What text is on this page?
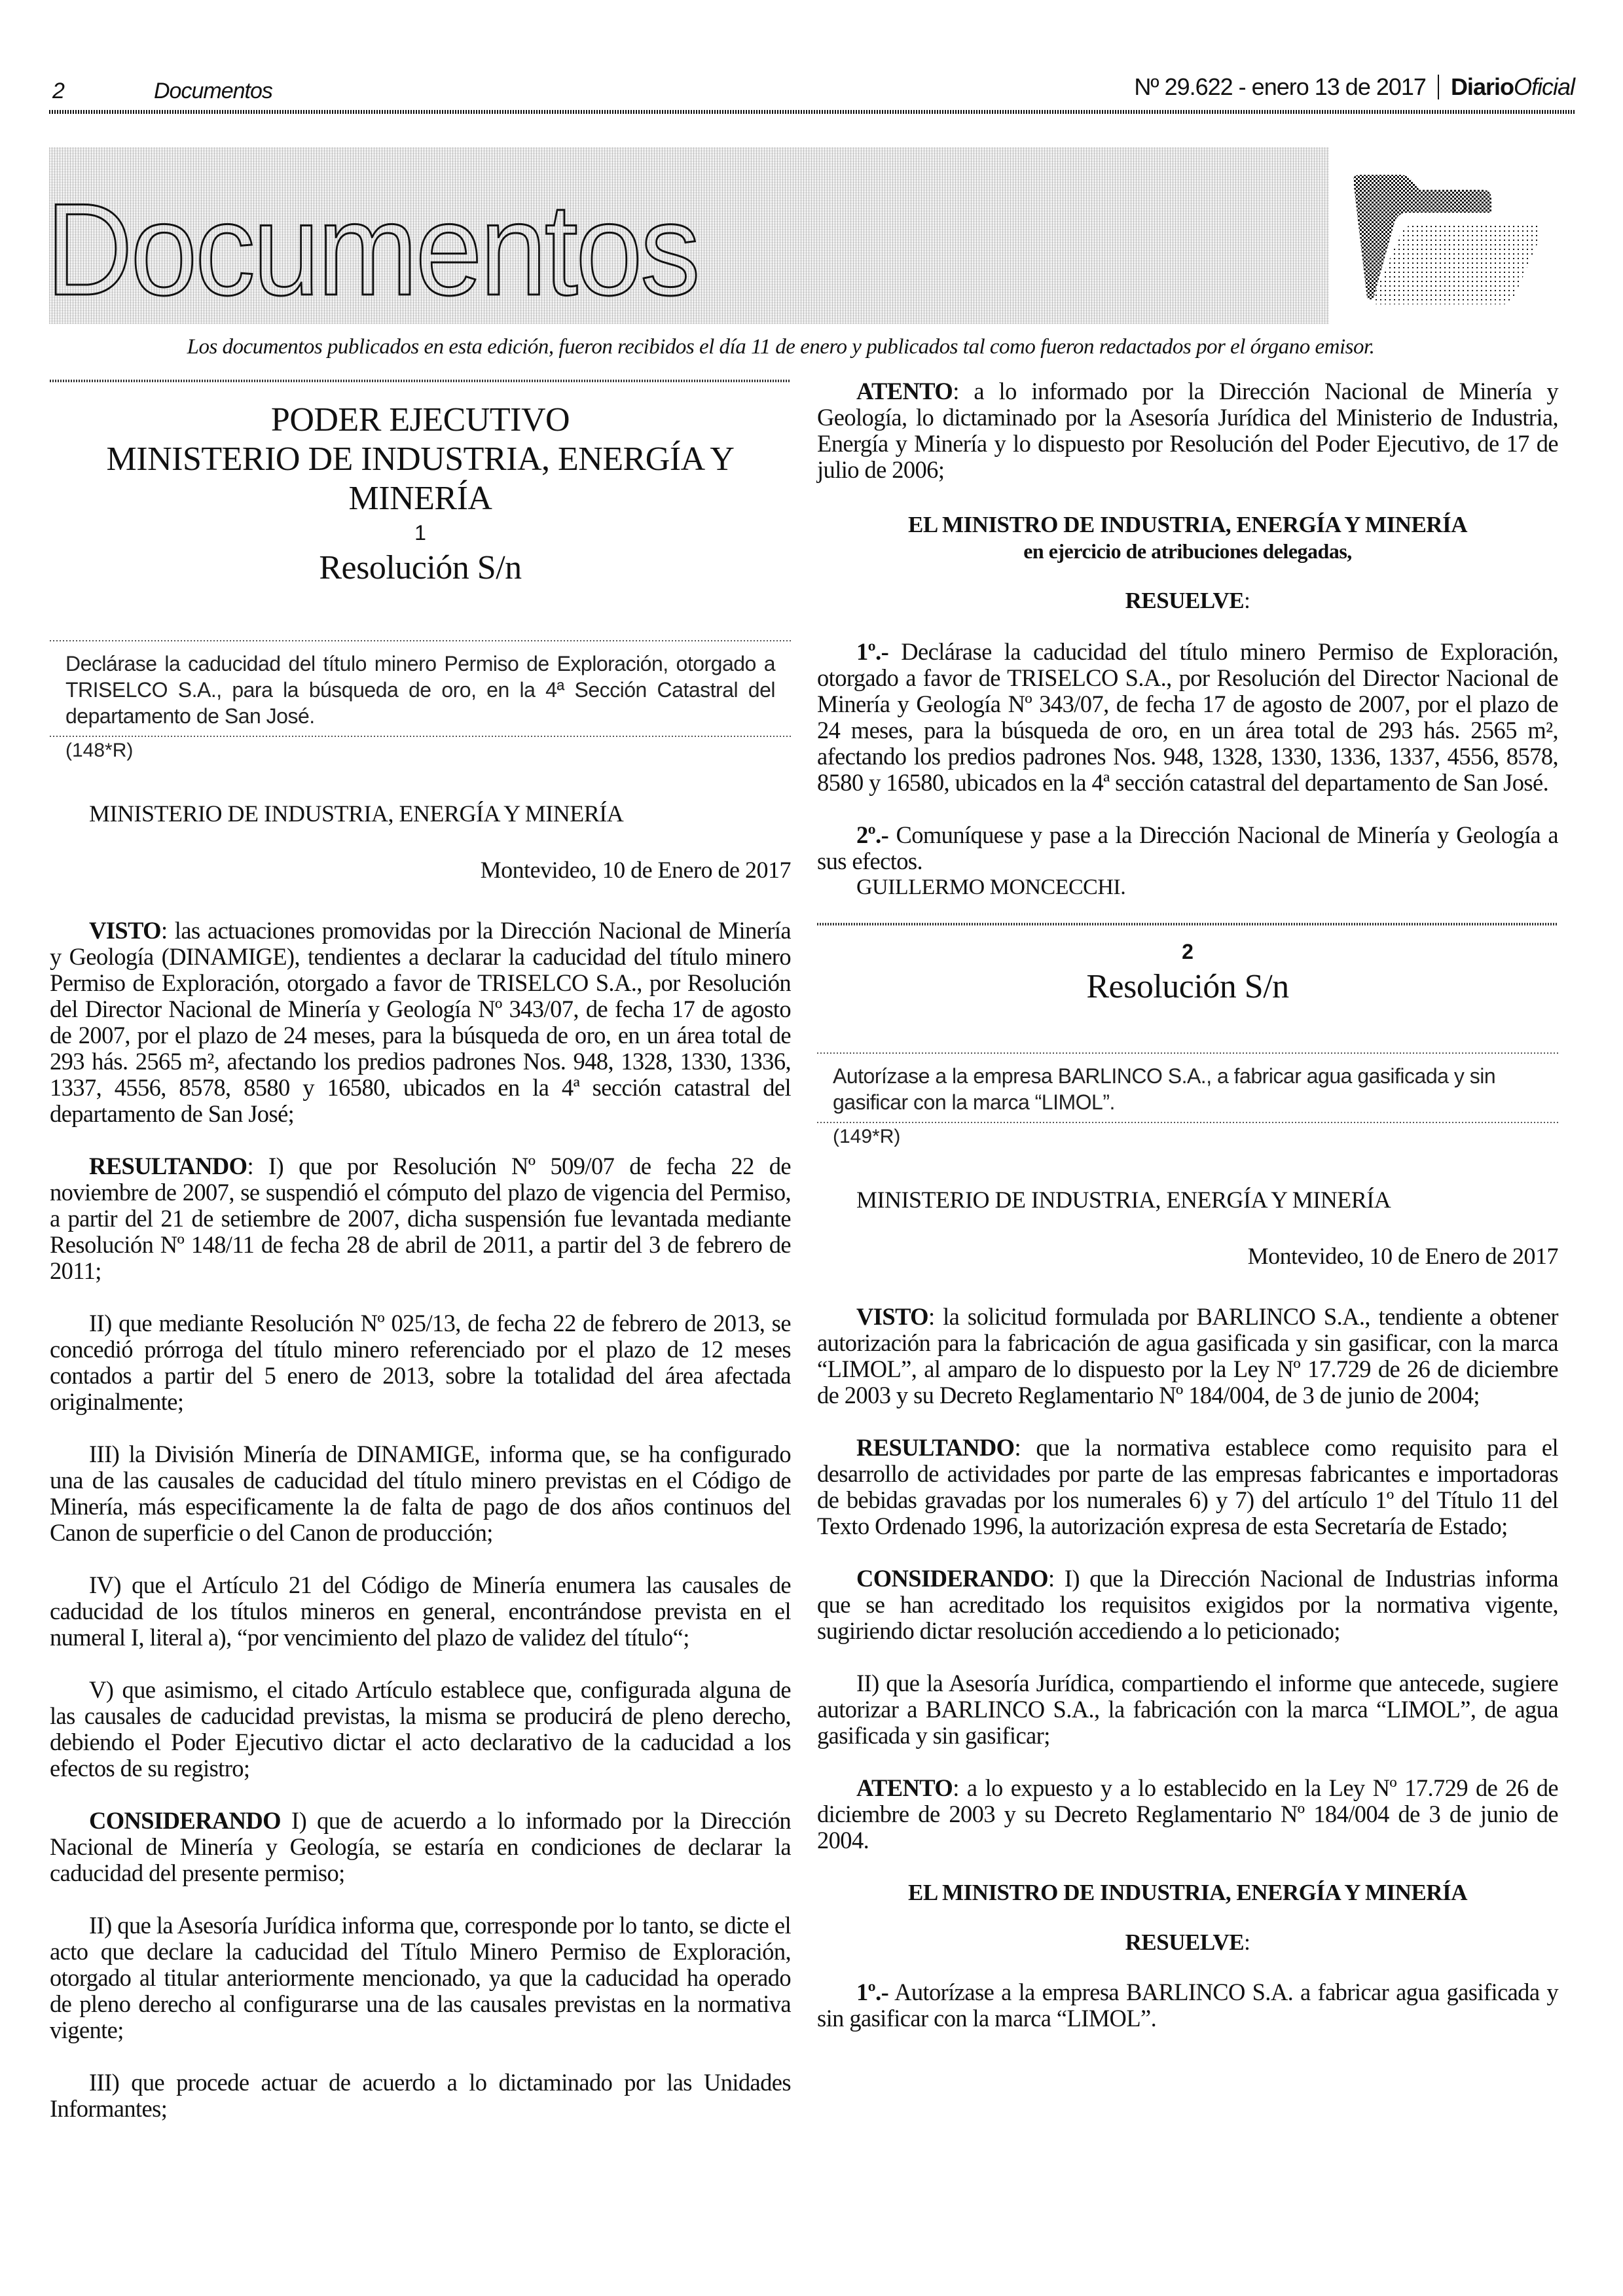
2	Documentos	Nº 29.622 - enero 13 de 2017 DiarioOficial
Documentos
Los documentos publicados en esta edición, fueron recibidos el día 11 de enero y publicados tal como fueron redactados por el órgano emisor.
PODER EJECUTIVO
MINISTERIO DE INDUSTRIA, ENERGÍA Y
MINERÍA
1
Resolución S/n
Declárase la caducidad del título minero Permiso de Exploración, otorgado a TRISELCO S.A., para la búsqueda de oro, en la 4ª Sección Catastral del departamento de San José.
(148*R)
MINISTERIO DE INDUSTRIA, ENERGÍA Y MINERÍA
Montevideo, 10 de Enero de 2017

VISTO: las actuaciones promovidas por la Dirección Nacional de Minería y Geología (DINAMIGE), tendientes a declarar la caducidad del título minero Permiso de Exploración, otorgado a favor de TRISELCO S.A., por Resolución del Director Nacional de Minería y Geología Nº 343/07, de fecha 17 de agosto de 2007, por el plazo de 24 meses, para la búsqueda de oro, en un área total de 293 hás. 2565 m², afectando los predios padrones Nos. 948, 1328, 1330, 1336, 1337, 4556, 8578, 8580 y 16580, ubicados en la 4ª sección catastral del departamento de San José;

RESULTANDO: I) que por Resolución Nº 509/07 de fecha 22 de noviembre de 2007, se suspendió el cómputo del plazo de vigencia del Permiso, a partir del 21 de setiembre de 2007, dicha suspensión fue levantada mediante Resolución Nº 148/11 de fecha 28 de abril de 2011, a partir del 3 de febrero de 2011;

II) que mediante Resolución Nº 025/13, de fecha 22 de febrero de 2013, se concedió prórroga del título minero referenciado por el plazo de 12 meses contados a partir del 5 enero de 2013, sobre la totalidad del área afectada originalmente;

III) la División Minería de DINAMIGE, informa que, se ha configurado una de las causales de caducidad del título minero previstas en el Código de Minería, más especificamente la de falta de pago de dos años continuos del Canon de superficie o del Canon de producción;

IV) que el Artículo 21 del Código de Minería enumera las causales de caducidad de los títulos mineros en general, encontrándose prevista en el numeral I, literal a), “por vencimiento del plazo de validez del título“;

V) que asimismo, el citado Artículo establece que, configurada alguna de las causales de caducidad previstas, la misma se producirá de pleno derecho, debiendo el Poder Ejecutivo dictar el acto declarativo de la caducidad a los efectos de su registro;

CONSIDERANDO I) que de acuerdo a lo informado por la Dirección Nacional de Minería y Geología, se estaría en condiciones de declarar la caducidad del presente permiso;

II) que la Asesoría Jurídica informa que, corresponde por lo tanto, se dicte el acto que declare la caducidad del Título Minero Permiso de Exploración, otorgado al titular anteriormente mencionado, ya que la caducidad ha operado de pleno derecho al configurarse una de las causales previstas en la normativa vigente;

III) que procede actuar de acuerdo a lo dictaminado por las Unidades Informantes;

ATENTO: a lo informado por la Dirección Nacional de Minería y Geología, lo dictaminado por la Asesoría Jurídica del Ministerio de Industria, Energía y Minería y lo dispuesto por Resolución del Poder Ejecutivo, de 17 de julio de 2006;

EL MINISTRO DE INDUSTRIA, ENERGÍA Y MINERÍA
en ejercicio de atribuciones delegadas,
RESUELVE:

1º.- Declárase la caducidad del título minero Permiso de Exploración, otorgado a favor de TRISELCO S.A., por Resolución del Director Nacional de Minería y Geología Nº 343/07, de fecha 17 de agosto de 2007, por el plazo de 24 meses, para la búsqueda de oro, en un área total de 293 hás. 2565 m², afectando los predios padrones Nos. 948, 1328, 1330, 1336, 1337, 4556, 8578, 8580 y 16580, ubicados en la 4ª sección catastral del departamento de San José.

2º.- Comuníquese y pase a la Dirección Nacional de Minería y Geología a sus efectos.

GUILLERMO MONCECCHI.
2
Resolución S/n
Autorízase a la empresa BARLINCO S.A., a fabricar agua gasificada y sin gasificar con la marca “LIMOL”.
(149*R)
MINISTERIO DE INDUSTRIA, ENERGÍA Y MINERÍA
Montevideo, 10 de Enero de 2017

VISTO: la solicitud formulada por BARLINCO S.A., tendiente a obtener autorización para la fabricación de agua gasificada y sin gasificar, con la marca “LIMOL”, al amparo de lo dispuesto por la Ley Nº 17.729 de 26 de diciembre de 2003 y su Decreto Reglamentario Nº 184/004, de 3 de junio de 2004;

RESULTANDO: que la normativa establece como requisito para el desarrollo de actividades por parte de las empresas fabricantes e importadoras de bebidas gravadas por los numerales 6) y 7) del artículo 1º del Título 11 del Texto Ordenado 1996, la autorización expresa de esta Secretaría de Estado;

CONSIDERANDO: I) que la Dirección Nacional de Industrias informa que se han acreditado los requisitos exigidos por la normativa vigente, sugiriendo dictar resolución accediendo a lo peticionado;

II) que la Asesoría Jurídica, compartiendo el informe que antecede, sugiere autorizar a BARLINCO S.A., la fabricación con la marca “LIMOL”, de agua gasificada y sin gasificar;

ATENTO: a lo expuesto y a lo establecido en la Ley Nº 17.729 de 26 de diciembre de 2003 y su Decreto Reglamentario Nº 184/004 de 3 de junio de 2004.

EL MINISTRO DE INDUSTRIA, ENERGÍA Y MINERÍA
RESUELVE:

1º.- Autorízase a la empresa BARLINCO S.A. a fabricar agua gasificada y sin gasificar con la marca “LIMOL”.
